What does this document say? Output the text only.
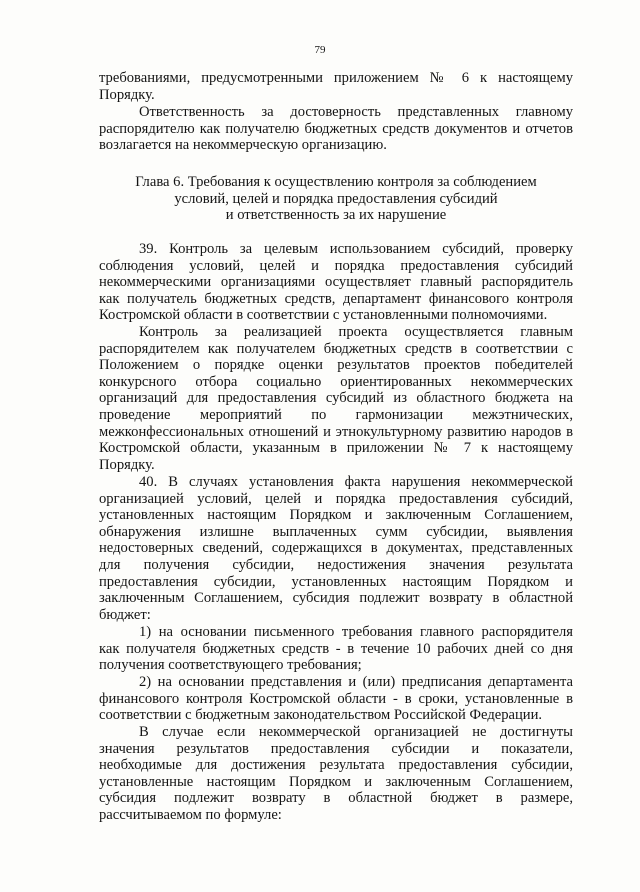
79

требованиями, предусмотренными приложением № 6 к настоящему

Порядку.

Ответственность за достоверность представленных главному

распорядителю как получателю бюджетных средств документов и отчетов

возлагается на некоммерческую организацию.

Глава 6. Требования к осуществлению контроля за соблюдением
условий, целей и порядка предоставления субсидий
и ответственность за их нарушение

39. Контроль за целевым использованием субсидий, проверку

соблюдения условий, целей и порядка предоставления субсидий

некоммерческими организациями осуществляет главный распорядитель

как получатель бюджетных средств, департамент финансового контроля

Костромской области в соответствии с установленными полномочиями.

Контроль за реализацией проекта осуществляется главным

распорядителем как получателем бюджетных средств в соответствии с

Положением о порядке оценки результатов проектов победителей

конкурсного отбора социально ориентированных некоммерческих

организаций для предоставления субсидий из областного бюджета на

проведение мероприятий по гармонизации межэтнических,

межконфессиональных отношений и этнокультурному развитию народов в

Костромской области, указанным в приложении № 7 к настоящему

Порядку.

40. В случаях установления факта нарушения некоммерческой

организацией условий, целей и порядка предоставления субсидий,

установленных настоящим Порядком и заключенным Соглашением,

обнаружения излишне выплаченных сумм субсидии, выявления

недостоверных сведений, содержащихся в документах, представленных

для получения субсидии, недостижения значения результата

предоставления субсидии, установленных настоящим Порядком и

заключенным Соглашением, субсидия подлежит возврату в областной

бюджет:

1) на основании письменного требования главного распорядителя

как получателя бюджетных средств - в течение 10 рабочих дней со дня

получения соответствующего требования;

2) на основании представления и (или) предписания департамента

финансового контроля Костромской области - в сроки, установленные в

соответствии с бюджетным законодательством Российской Федерации.

В случае если некоммерческой организацией не достигнуты

значения результатов предоставления субсидии и показатели,

необходимые для достижения результата предоставления субсидии,

установленные настоящим Порядком и заключенным Соглашением,

субсидия подлежит возврату в областной бюджет в размере,

рассчитываемом по формуле:
